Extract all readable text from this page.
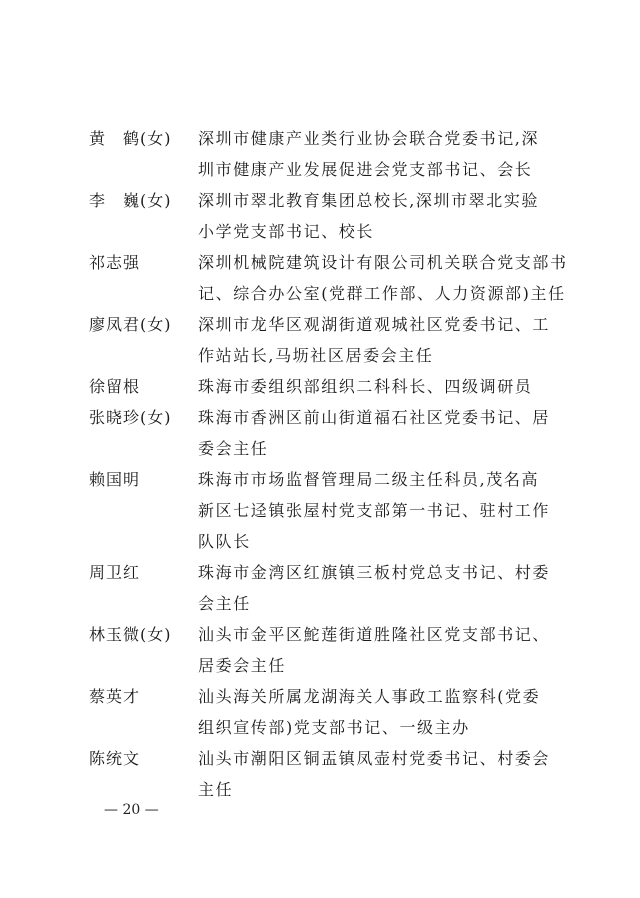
黄　鹤(女) 深圳市健康产业类行业协会联合党委书记,深
圳市健康产业发展促进会党支部书记、会长
李　巍(女) 深圳市翠北教育集团总校长,深圳市翠北实验
小学党支部书记、校长
祁志强	深圳机械院建筑设计有限公司机关联合党支部书
记、综合办公室(党群工作部、人力资源部)主任
廖凤君(女) 深圳市龙华区观湖街道观城社区党委书记、工
作站站长,马坜社区居委会主任
徐留根	珠海市委组织部组织二科科长、四级调研员
张晓珍(女) 珠海市香洲区前山街道福石社区党委书记、居
委会主任
赖国明	珠海市市场监督管理局二级主任科员,茂名高
新区七迳镇张屋村党支部第一书记、驻村工作
队队长
周卫红	珠海市金湾区红旗镇三板村党总支书记、村委
会主任
林玉微(女) 汕头市金平区鮀莲街道胜隆社区党支部书记、
居委会主任
蔡英才	汕头海关所属龙湖海关人事政工监察科(党委
组织宣传部)党支部书记、一级主办
陈统文	汕头市潮阳区铜盂镇凤壶村党委书记、村委会
主任
— 20 —
